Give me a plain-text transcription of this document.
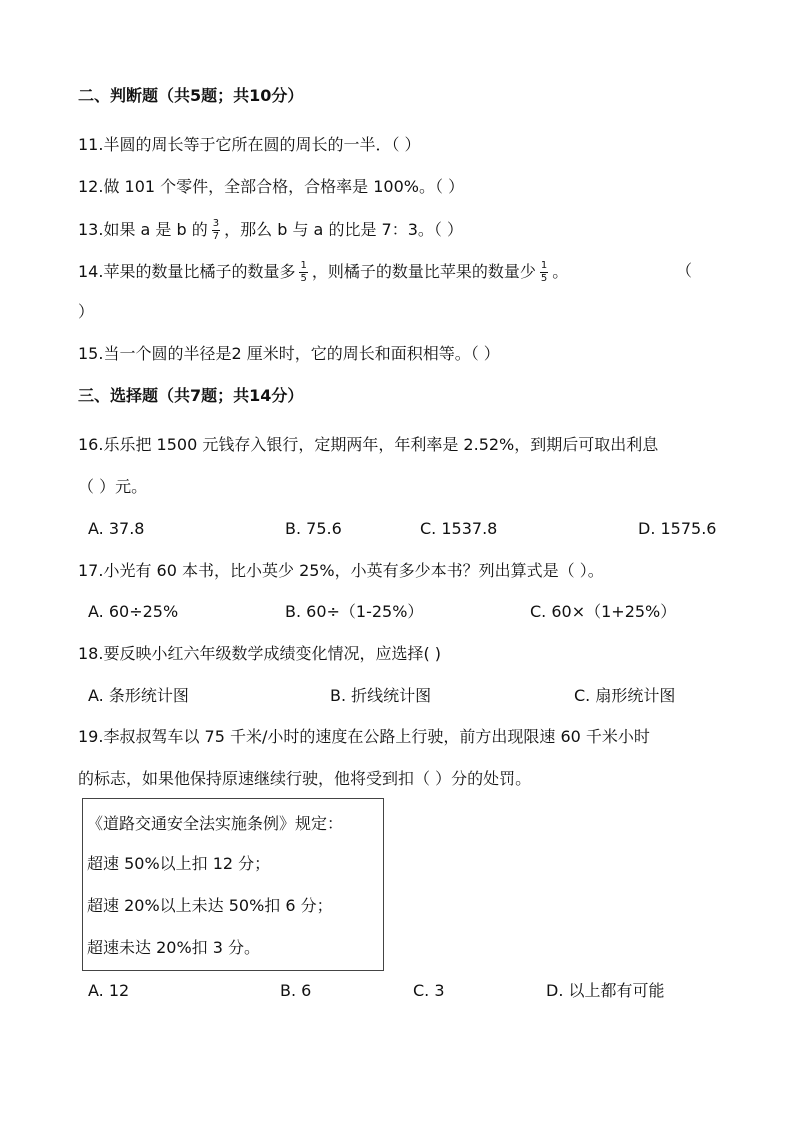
二、判断题（共5题；共10分）
11.半圆的周长等于它所在圆的周长的一半．（ ）
12.做 101 个零件，全部合格，合格率是 100%。（ ）
13.如果 a 是 b 的 $\frac{3}{7}$ ，那么 b 与 a 的比是 7：3。（ ）
14.苹果的数量比橘子的数量多 $\frac{1}{5}$ ，则橘子的数量比苹果的数量少 $\frac{1}{5}$ 。	（
）
15.当一个圆的半径是2 厘米时，它的周长和面积相等。（ ）
三、选择题（共7题；共14分）
16.乐乐把 1500 元钱存入银行，定期两年，年利率是 2.52%，到期后可取出利息
（ ）元。
A. 37.8	B. 75.6	C. 1537.8	D. 1575.6
17.小光有 60 本书，比小英少 25%，小英有多少本书？列出算式是（ ）。
A. 60÷25%	B. 60÷（1-25%）	C. 60×（1+25%）
18.要反映小红六年级数学成绩变化情况，应选择( )
A. 条形统计图	B. 折线统计图	C. 扇形统计图
19.李叔叔驾车以 75 千米/小时的速度在公路上行驶，前方出现限速 60 千米小时
的标志，如果他保持原速继续行驶，他将受到扣（ ）分的处罚。
《道路交通安全法实施条例》规定：
超速 50%以上扣 12 分；
超速 20%以上未达 50%扣 6 分；
超速未达 20%扣 3 分。
A. 12	B. 6	C. 3	D. 以上都有可能
